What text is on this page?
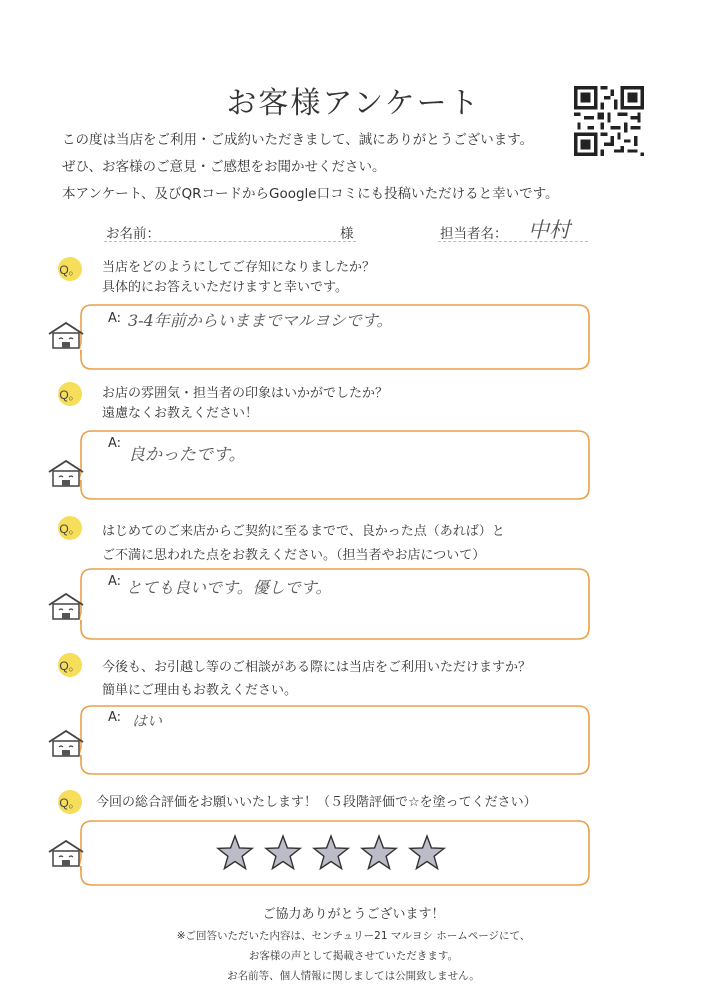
お客様アンケート
この度は当店をご利用・ご成約いただきまして、誠にありがとうございます。
ぜひ、お客様のご意見・ご感想をお聞かせください。
本アンケート、及びQRコードからGoogle口コミにも投稿いただけると幸いです。
お名前：	様	担当者名： 中村
Q。 当店をどのようにしてご存知になりましたか？
具体的にお答えいただけますと幸いです。
A: 3-4年前からいままでマルヨシです。
Q。 お店の雰囲気・担当者の印象はいかがでしたか？
遠慮なくお教えください！
A:
良かったです。
Q。 はじめてのご来店からご契約に至るまでで、良かった点（あれば）と
ご不満に思われた点をお教えください。（担当者やお店について）
A: とても良いです。優しです。
Q。 今後も、お引越し等のご相談がある際には当店をご利用いただけますか？
簡単にご理由もお教えください。
A: はい
Q。 今回の総合評価をお願いいたします！（５段階評価で☆を塗ってください）
ご協力ありがとうございます！
※ご回答いただいた内容は、センチュリー21 マルヨシ ホームページにて、
お客様の声として掲載させていただきます。
お名前等、個人情報に関しましては公開致しません。
